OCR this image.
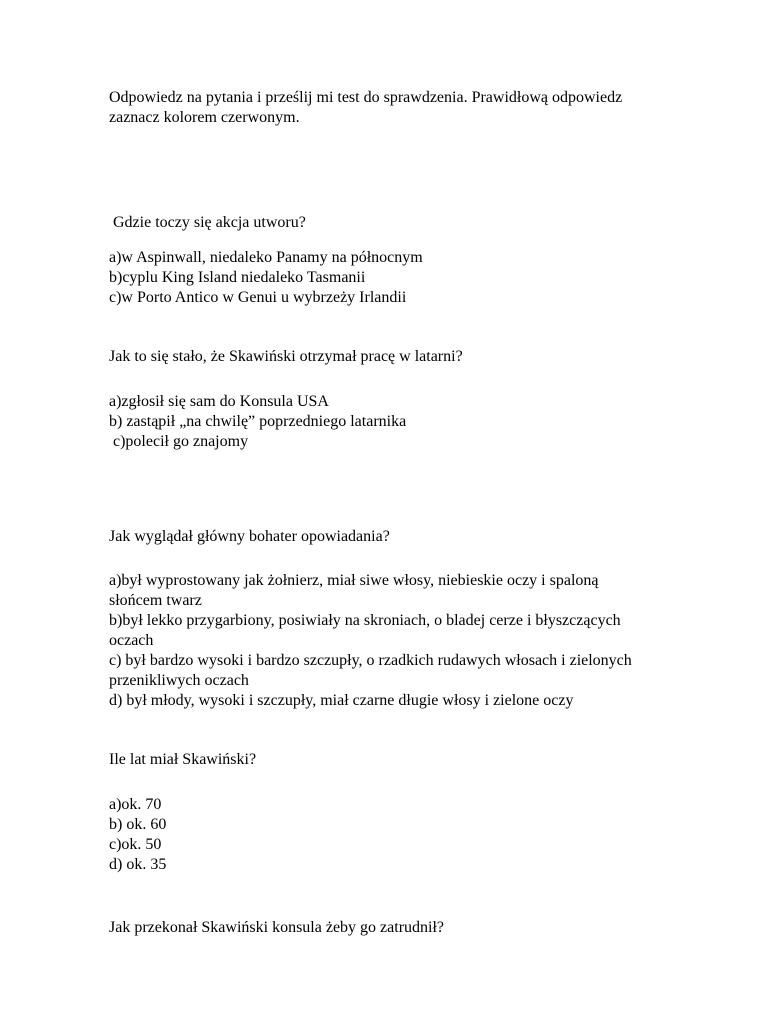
Odpowiedz na pytania i prześlij mi test do sprawdzenia. Prawidłową odpowiedz
zaznacz kolorem czerwonym.
Gdzie toczy się akcja utworu?
a)w Aspinwall, niedaleko Panamy na północnym
b)cyplu King Island niedaleko Tasmanii
c)w Porto Antico w Genui u wybrzeży Irlandii
Jak to się stało, że Skawiński otrzymał pracę w latarni?
a)zgłosił się sam do Konsula USA
b) zastąpił „na chwilę” poprzedniego latarnika
c)polecił go znajomy
Jak wyglądał główny bohater opowiadania?
a)był wyprostowany jak żołnierz, miał siwe włosy, niebieskie oczy i spaloną
słońcem twarz
b)był lekko przygarbiony, posiwiały na skroniach, o bladej cerze i błyszczących
oczach
c) był bardzo wysoki i bardzo szczupły, o rzadkich rudawych włosach i zielonych
przenikliwych oczach
d) był młody, wysoki i szczupły, miał czarne długie włosy i zielone oczy
Ile lat miał Skawiński?
a)ok. 70
b) ok. 60
c)ok. 50
d) ok. 35
Jak przekonał Skawiński konsula żeby go zatrudnił?
